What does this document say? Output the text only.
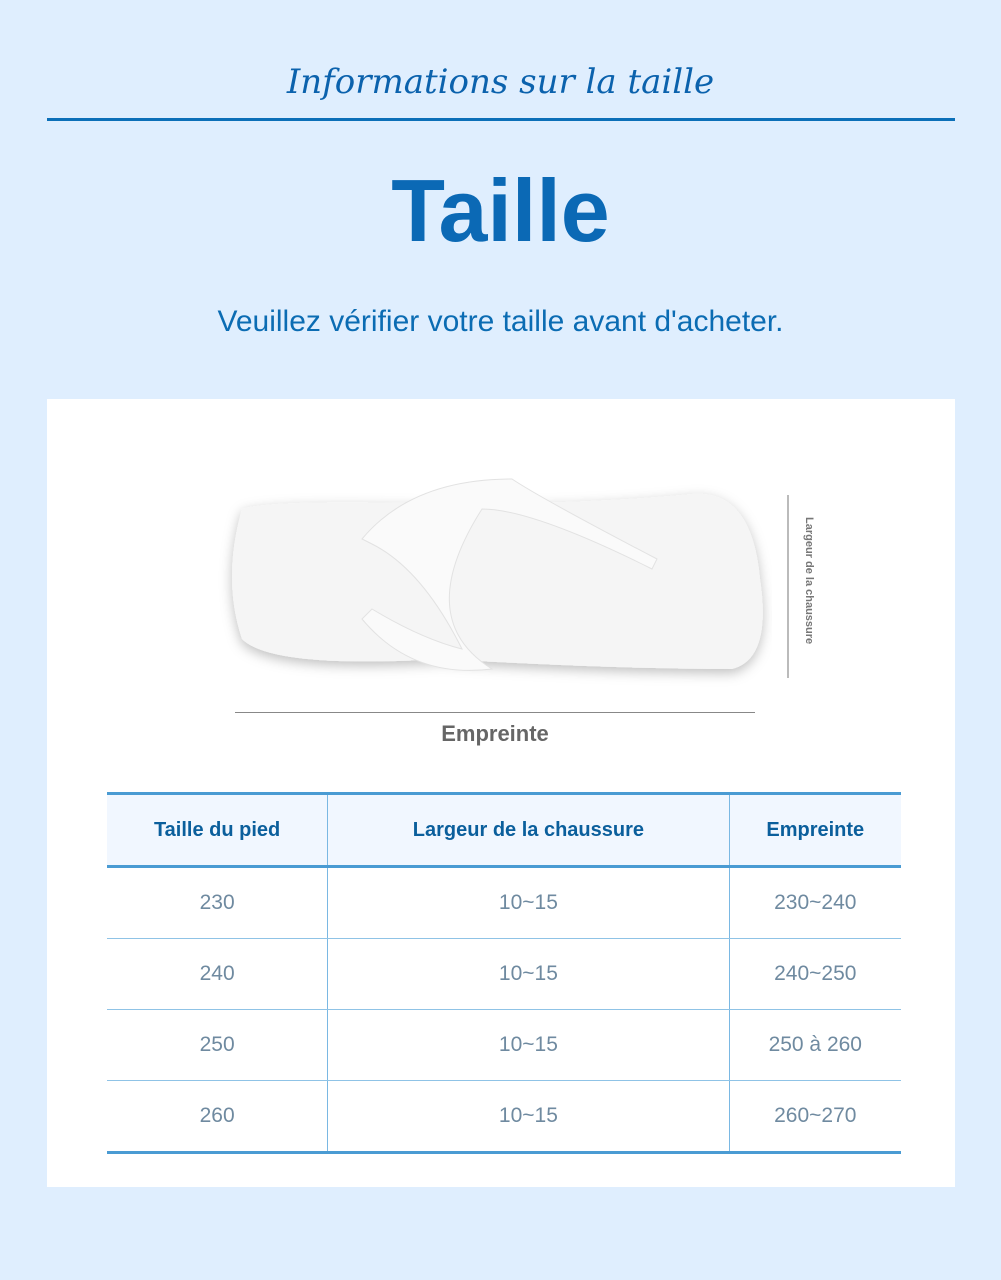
Informations sur la taille
Taille
Veuillez vérifier votre taille avant d'acheter.
Largeur de la chaussure
Empreinte
Taille du pied	Largeur de la chaussure	Empreinte
230	10~15	230~240
240	10~15	240~250
250	10~15	250 à 260
260	10~15	260~270
